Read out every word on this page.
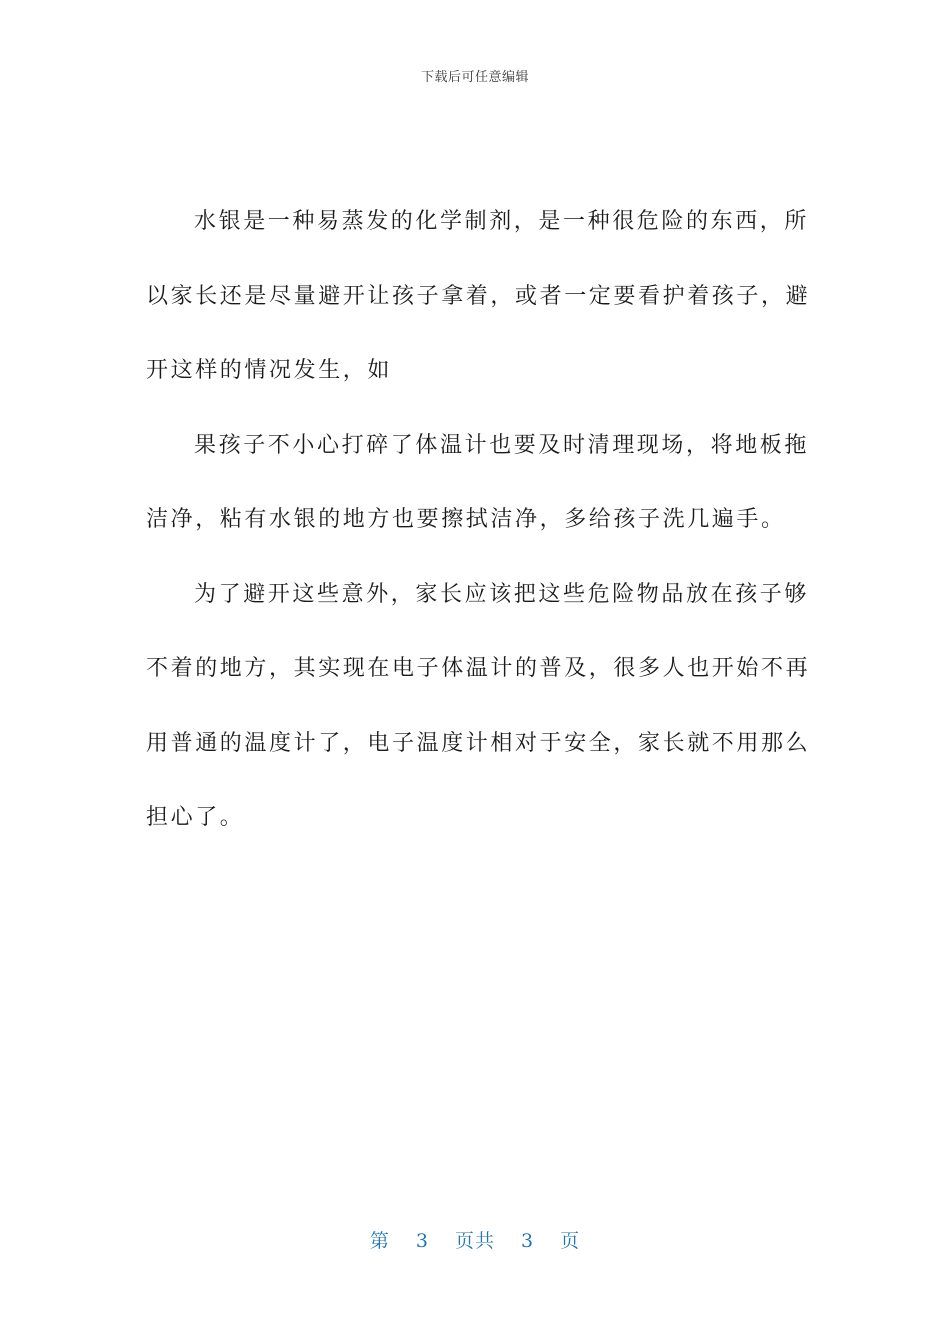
下载后可任意编辑
水银是一种易蒸发的化学制剂，是一种很危险的东西，所
以家长还是尽量避开让孩子拿着，或者一定要看护着孩子，避
开这样的情况发生，如
果孩子不小心打碎了体温计也要及时清理现场，将地板拖
洁净，粘有水银的地方也要擦拭洁净，多给孩子洗几遍手。
为了避开这些意外，家长应该把这些危险物品放在孩子够
不着的地方，其实现在电子体温计的普及，很多人也开始不再
用普通的温度计了，电子温度计相对于安全，家长就不用那么
担心了。
第 3 页共 3 页
